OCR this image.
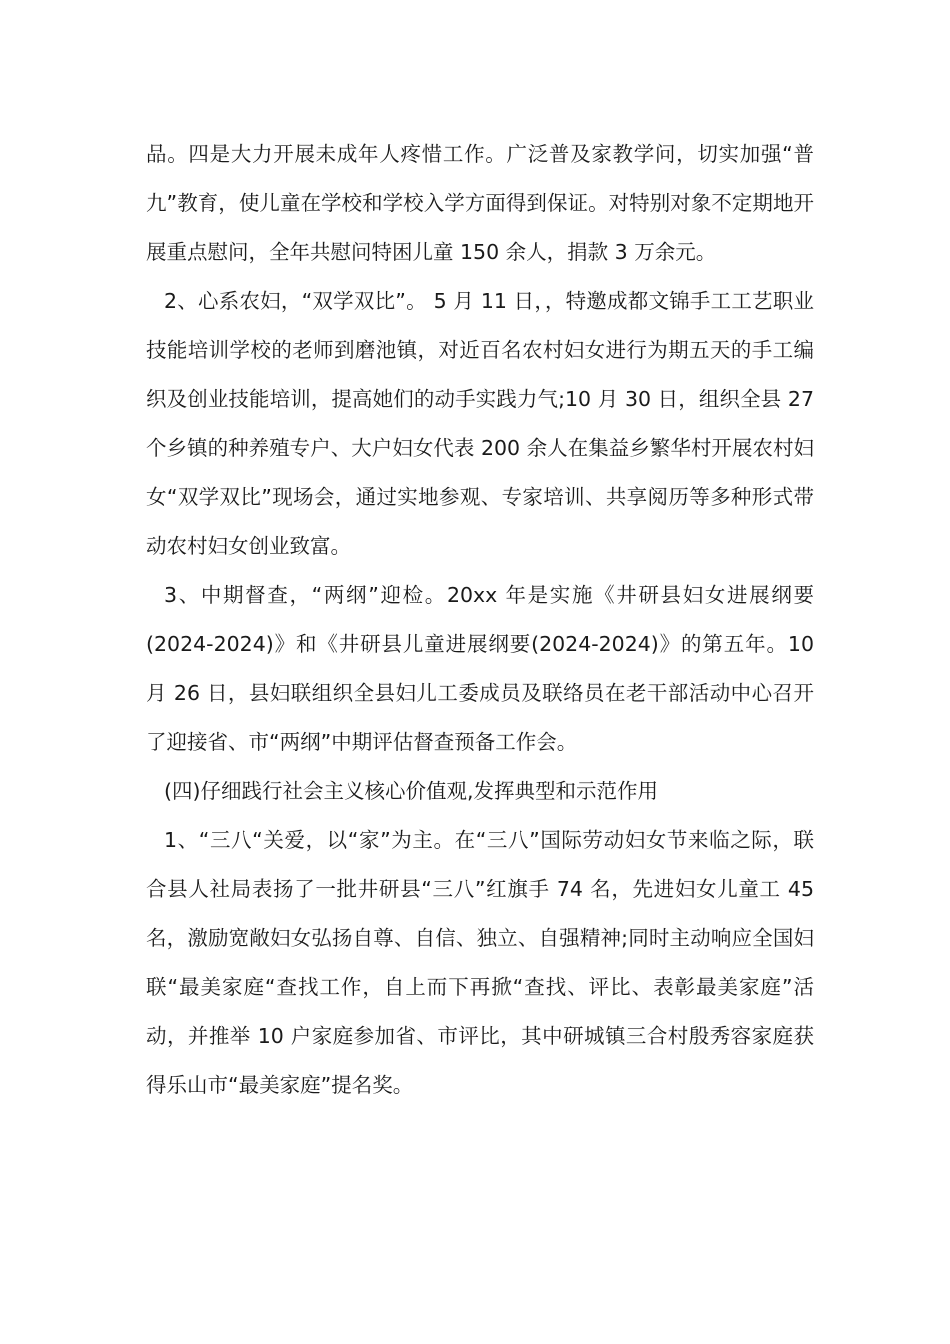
品。四是大力开展未成年人疼惜工作。广泛普及家教学问，切实加强“普九”教育，使儿童在学校和学校入学方面得到保证。对特别对象不定期地开展重点慰问，全年共慰问特困儿童 150 余人，捐款 3 万余元。

2、心系农妇，“双学双比”。 5 月 11 日，，特邀成都文锦手工工艺职业技能培训学校的老师到磨池镇，对近百名农村妇女进行为期五天的手工编织及创业技能培训，提高她们的动手实践力气;10 月 30 日，组织全县 27 个乡镇的种养殖专户、大户妇女代表 200 余人在集益乡繁华村开展农村妇女“双学双比”现场会，通过实地参观、专家培训、共享阅历等多种形式带动农村妇女创业致富。

3、中期督查，“两纲”迎检。20xx 年是实施《井研县妇女进展纲要(2024-2024)》和《井研县儿童进展纲要(2024-2024)》的第五年。10 月 26 日，县妇联组织全县妇儿工委成员及联络员在老干部活动中心召开了迎接省、市“两纲”中期评估督查预备工作会。

(四)仔细践行社会主义核心价值观,发挥典型和示范作用

1、“三八“关爱，以“家”为主。在“三八”国际劳动妇女节来临之际，联合县人社局表扬了一批井研县“三八”红旗手 74 名，先进妇女儿童工 45 名，激励宽敞妇女弘扬自尊、自信、独立、自强精神;同时主动响应全国妇联“最美家庭“查找工作，自上而下再掀“查找、评比、表彰最美家庭”活动，并推举 10 户家庭参加省、市评比，其中研城镇三合村殷秀容家庭获得乐山市“最美家庭”提名奖。
